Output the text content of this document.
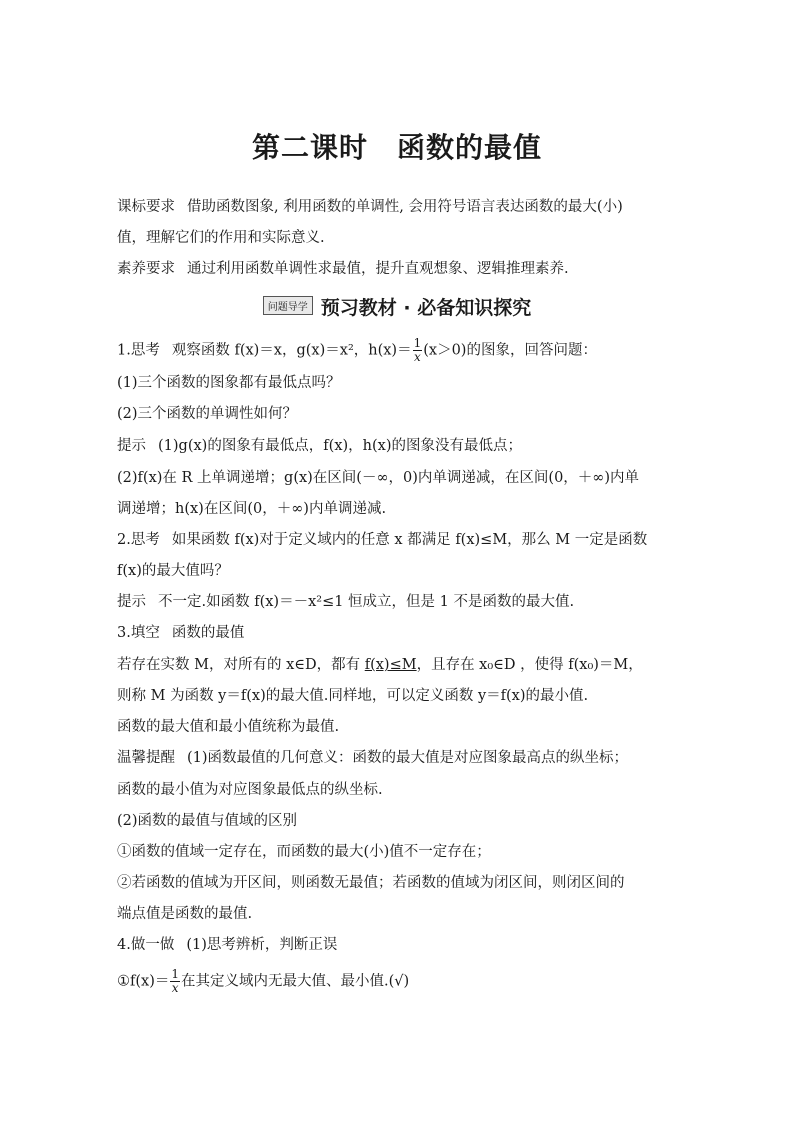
第二课时　函数的最值
课标要求 借助函数图象, 利用函数的单调性, 会用符号语言表达函数的最大(小)
值，理解它们的作用和实际意义.
素养要求 通过利用函数单调性求最值，提升直观想象、逻辑推理素养.
问题导学 预习教材 · 必备知识探究
1.思考 观察函数 f(x)＝x，g(x)＝x²，$h(x)= \frac{1}{x} (x>0)$的图象，回答问题：
(1)三个函数的图象都有最低点吗？
(2)三个函数的单调性如何？
提示 (1)g(x)的图象有最低点，f(x)，h(x)的图象没有最低点；
(2)f(x)在 R 上单调递增；g(x)在区间(－∞，0)内单调递减，在区间(0，＋∞)内单
调递增；h(x)在区间(0，＋∞)内单调递减.
2.思考 如果函数 f(x)对于定义域内的任意 x 都满足 f(x)≤M，那么 M 一定是函数
f(x)的最大值吗？
提示 不一定.如函数 f(x)＝－x²≤1 恒成立，但是 1 不是函数的最大值.
3.填空 函数的最值
若存在实数 M，对所有的 x∈D，都有 f(x)≤M，且存在 x₀∈D ，使得 f(x₀)＝M，
则称 M 为函数 y＝f(x)的最大值.同样地，可以定义函数 y＝f(x)的最小值.
函数的最大值和最小值统称为最值.
温馨提醒 (1)函数最值的几何意义：函数的最大值是对应图象最高点的纵坐标；
函数的最小值为对应图象最低点的纵坐标.
(2)函数的最值与值域的区别
①函数的值域一定存在，而函数的最大(小)值不一定存在；
②若函数的值域为开区间，则函数无最值；若函数的值域为闭区间，则闭区间的
端点值是函数的最值.
4.做一做 (1)思考辨析，判断正误
①f(x)＝ $\frac{1}{x}$ 在其定义域内无最大值、最小值.(√)
